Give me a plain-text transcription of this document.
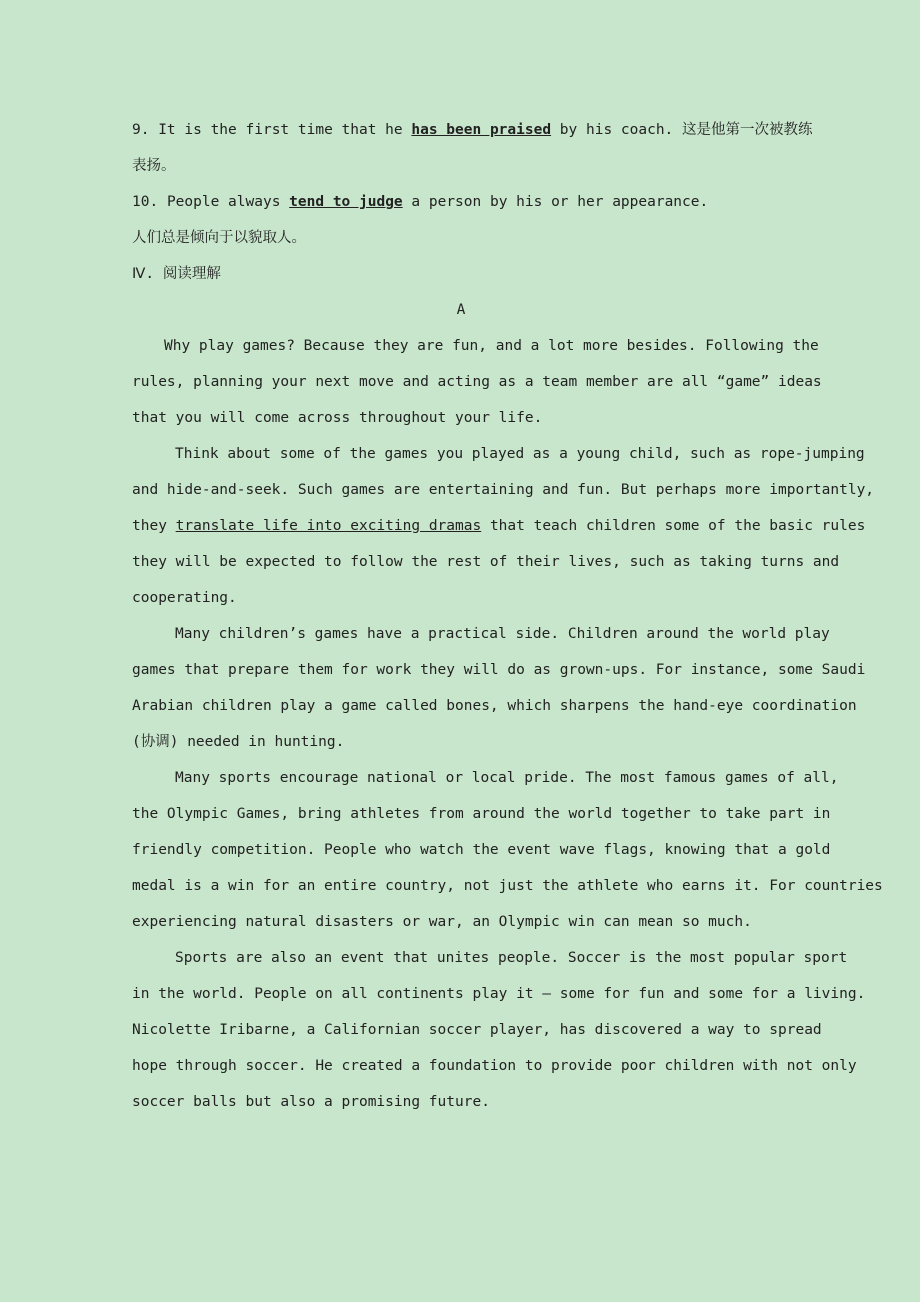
9. It is the first time that he has been praised by his coach. 这是他第一次被教练
表扬。
10. People always tend to judge a person by his or her appearance.
人们总是倾向于以貌取人。
Ⅳ. 阅读理解
A
Why play games? Because they are fun, and a lot more besides. Following the
rules, planning your next move and acting as a team member are all “game” ideas
that you will come across throughout your life.
Think about some of the games you played as a young child, such as rope-jumping
and hide-and-seek. Such games are entertaining and fun. But perhaps more importantly,
they translate life into exciting dramas that teach children some of the basic rules
they will be expected to follow the rest of their lives, such as taking turns and
cooperating.
Many children’s games have a practical side. Children around the world play
games that prepare them for work they will do as grown-ups. For instance, some Saudi
Arabian children play a game called bones, which sharpens the hand-eye coordination
(协调) needed in hunting.
Many sports encourage national or local pride. The most famous games of all,
the Olympic Games, bring athletes from around the world together to take part in
friendly competition. People who watch the event wave flags, knowing that a gold
medal is a win for an entire country, not just the athlete who earns it. For countries
experiencing natural disasters or war, an Olympic win can mean so much.
Sports are also an event that unites people. Soccer is the most popular sport
in the world. People on all continents play it — some for fun and some for a living.
Nicolette Iribarne, a Californian soccer player, has discovered a way to spread
hope through soccer. He created a foundation to provide poor children with not only
soccer balls but also a promising future.
